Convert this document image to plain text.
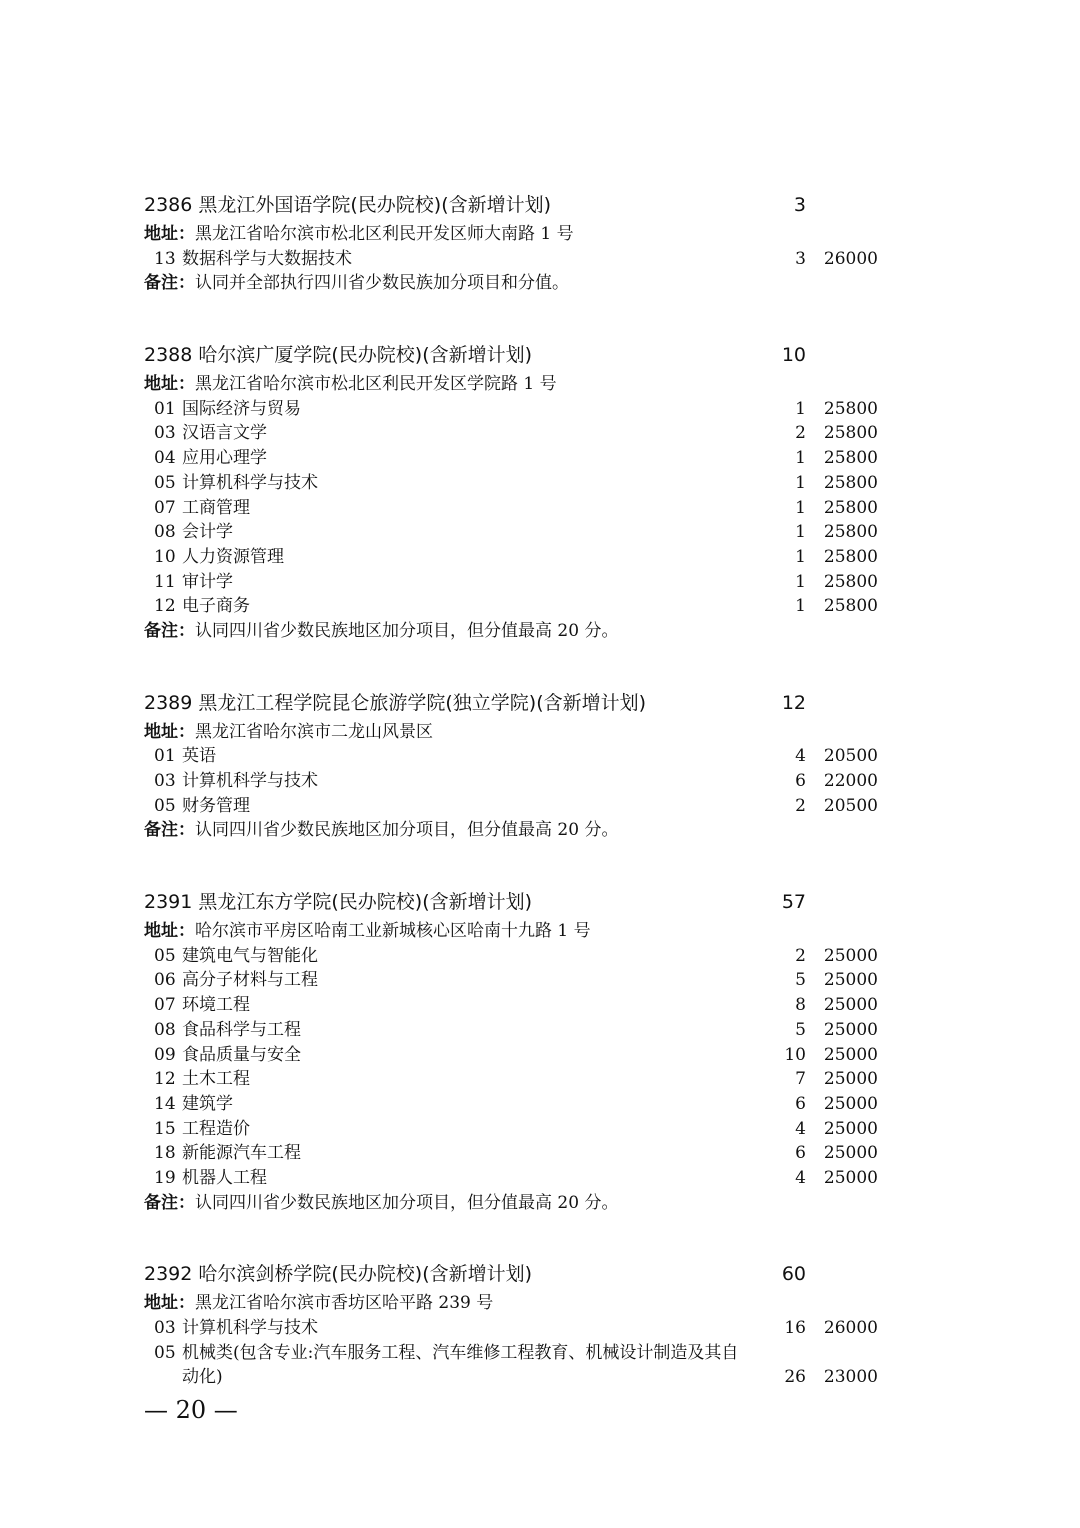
2386 黑龙江外国语学院(民办院校)(含新增计划)	3
地址：黑龙江省哈尔滨市松北区利民开发区师大南路 1 号
13 数据科学与大数据技术	3 26000
备注：认同并全部执行四川省少数民族加分项目和分值。
2388 哈尔滨广厦学院(民办院校)(含新增计划)	10
地址：黑龙江省哈尔滨市松北区利民开发区学院路 1 号
01 国际经济与贸易	1 25800
03 汉语言文学	2 25800
04 应用心理学	1 25800
05 计算机科学与技术	1 25800
07 工商管理	1 25800
08 会计学	1 25800
10 人力资源管理	1 25800
11 审计学	1 25800
12 电子商务	1 25800
备注：认同四川省少数民族地区加分项目，但分值最高 20 分。
2389 黑龙江工程学院昆仑旅游学院(独立学院)(含新增计划)	12
地址：黑龙江省哈尔滨市二龙山风景区
01 英语	4 20500
03 计算机科学与技术	6 22000
05 财务管理	2 20500
备注：认同四川省少数民族地区加分项目，但分值最高 20 分。
2391 黑龙江东方学院(民办院校)(含新增计划)	57
地址：哈尔滨市平房区哈南工业新城核心区哈南十九路 1 号
05 建筑电气与智能化	2 25000
06 高分子材料与工程	5 25000
07 环境工程	8 25000
08 食品科学与工程	5 25000
09 食品质量与安全	10 25000
12 土木工程	7 25000
14 建筑学	6 25000
15 工程造价	4 25000
18 新能源汽车工程	6 25000
19 机器人工程	4 25000
备注：认同四川省少数民族地区加分项目，但分值最高 20 分。
2392 哈尔滨剑桥学院(民办院校)(含新增计划)	60
地址：黑龙江省哈尔滨市香坊区哈平路 239 号
03 计算机科学与技术	16 26000
05 机械类(包含专业:汽车服务工程、汽车维修工程教育、机械设计制造及其自动化)	26 23000
— 20 —
